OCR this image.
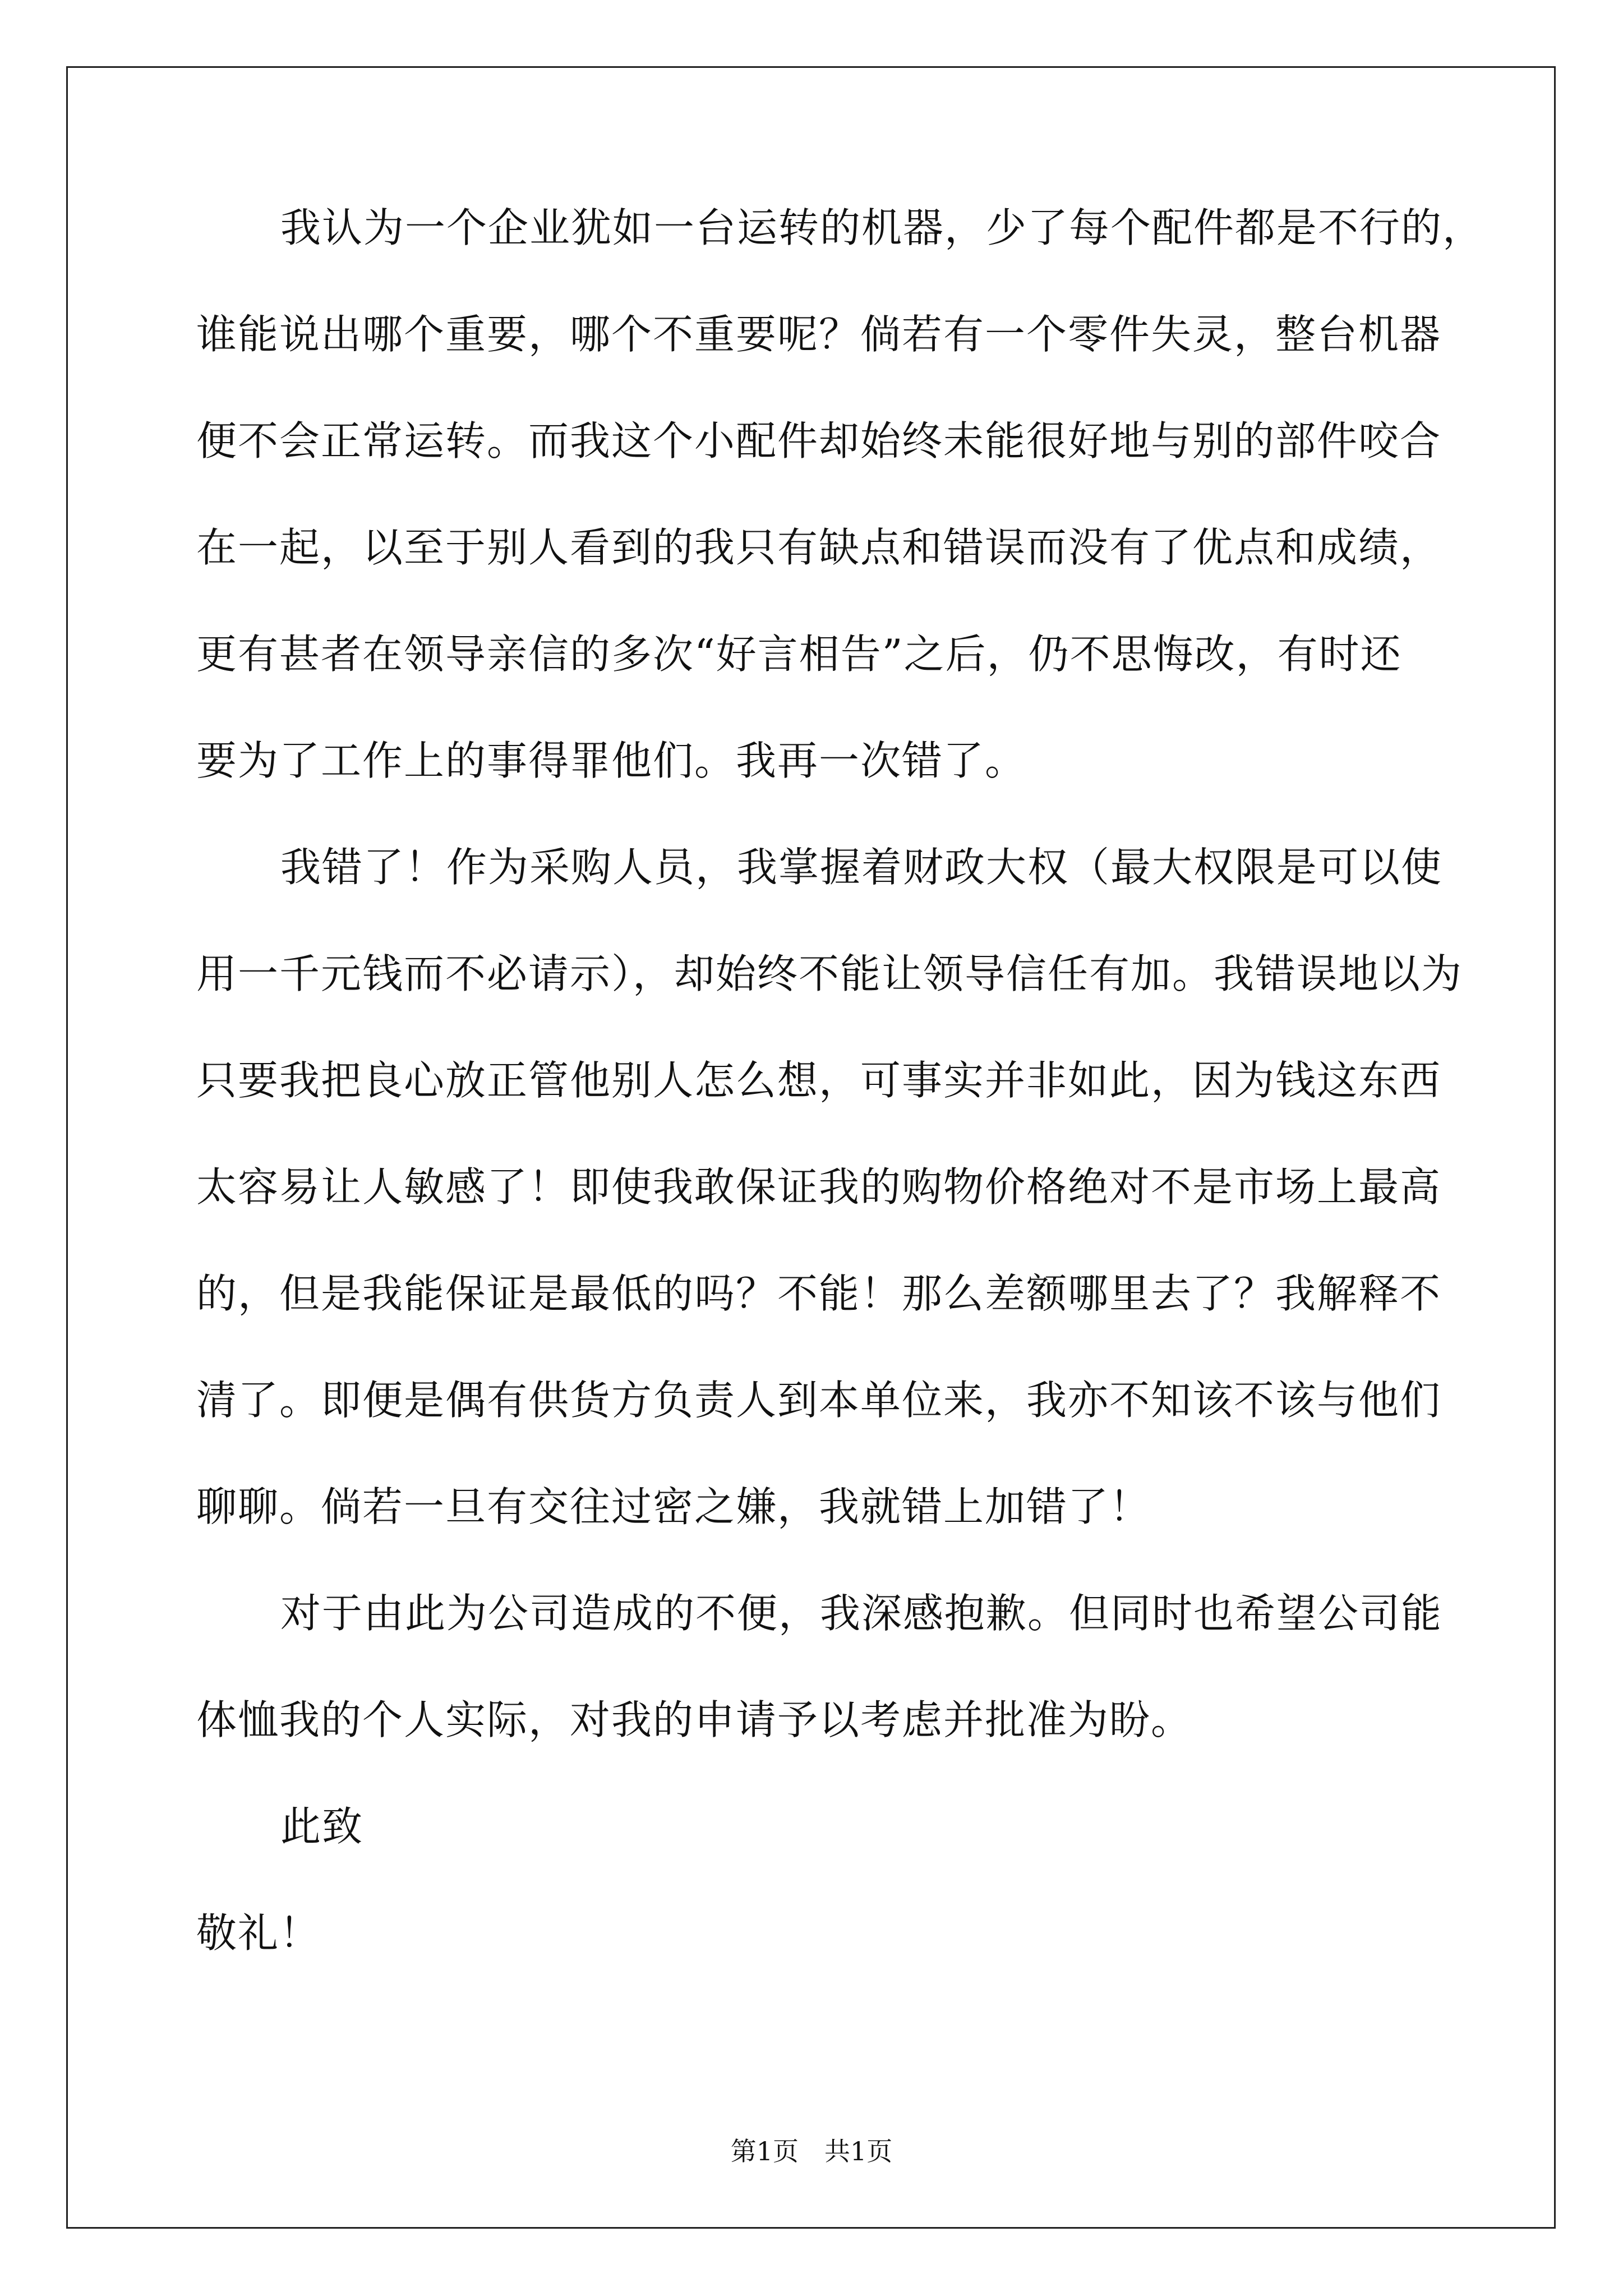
我认为一个企业犹如一台运转的机器，少了每个配件都是不行的，

谁能说出哪个重要，哪个不重要呢？倘若有一个零件失灵，整台机器

便不会正常运转。而我这个小配件却始终未能很好地与别的部件咬合

在一起，以至于别人看到的我只有缺点和错误而没有了优点和成绩，

更有甚者在领导亲信的多次“好言相告”之后，仍不思悔改，有时还

要为了工作上的事得罪他们。我再一次错了。

我错了！作为采购人员，我掌握着财政大权（最大权限是可以使

用一千元钱而不必请示），却始终不能让领导信任有加。我错误地以为

只要我把良心放正管他别人怎么想，可事实并非如此，因为钱这东西

太容易让人敏感了！即使我敢保证我的购物价格绝对不是市场上最高

的，但是我能保证是最低的吗？不能！那么差额哪里去了？我解释不

清了。即便是偶有供货方负责人到本单位来，我亦不知该不该与他们

聊聊。倘若一旦有交往过密之嫌，我就错上加错了！

对于由此为公司造成的不便，我深感抱歉。但同时也希望公司能

体恤我的个人实际，对我的申请予以考虑并批准为盼。

此致

敬礼！

第1页　共1页
